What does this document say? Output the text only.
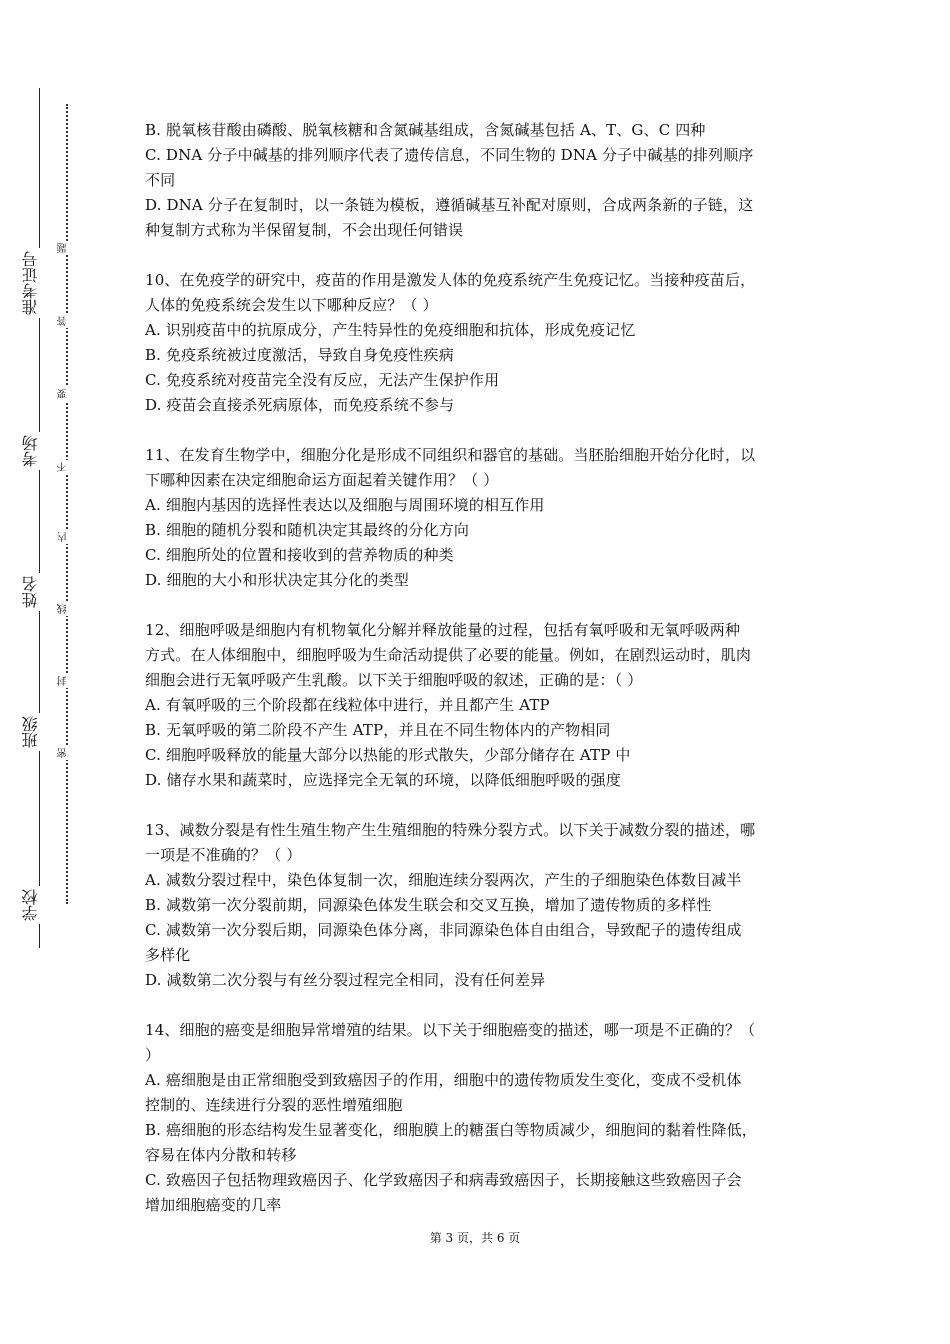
准考证号
考场
姓名
班级
学校
题
答
要
不
内
线
封
密
B. 脱氧核苷酸由磷酸、脱氧核糖和含氮碱基组成，含氮碱基包括 A、T、G、C 四种
C. DNA 分子中碱基的排列顺序代表了遗传信息，不同生物的 DNA 分子中碱基的排列顺序
不同
D. DNA 分子在复制时，以一条链为模板，遵循碱基互补配对原则，合成两条新的子链，这
种复制方式称为半保留复制，不会出现任何错误
10、在免疫学的研究中，疫苗的作用是激发人体的免疫系统产生免疫记忆。当接种疫苗后，
人体的免疫系统会发生以下哪种反应？（ ）
A. 识别疫苗中的抗原成分，产生特异性的免疫细胞和抗体，形成免疫记忆
B. 免疫系统被过度激活，导致自身免疫性疾病
C. 免疫系统对疫苗完全没有反应，无法产生保护作用
D. 疫苗会直接杀死病原体，而免疫系统不参与
11、在发育生物学中，细胞分化是形成不同组织和器官的基础。当胚胎细胞开始分化时，以
下哪种因素在决定细胞命运方面起着关键作用？（ ）
A. 细胞内基因的选择性表达以及细胞与周围环境的相互作用
B. 细胞的随机分裂和随机决定其最终的分化方向
C. 细胞所处的位置和接收到的营养物质的种类
D. 细胞的大小和形状决定其分化的类型
12、细胞呼吸是细胞内有机物氧化分解并释放能量的过程，包括有氧呼吸和无氧呼吸两种
方式。在人体细胞中，细胞呼吸为生命活动提供了必要的能量。例如，在剧烈运动时，肌肉
细胞会进行无氧呼吸产生乳酸。以下关于细胞呼吸的叙述，正确的是：（ ）
A. 有氧呼吸的三个阶段都在线粒体中进行，并且都产生 ATP
B. 无氧呼吸的第二阶段不产生 ATP，并且在不同生物体内的产物相同
C. 细胞呼吸释放的能量大部分以热能的形式散失，少部分储存在 ATP 中
D. 储存水果和蔬菜时，应选择完全无氧的环境，以降低细胞呼吸的强度
13、减数分裂是有性生殖生物产生生殖细胞的特殊分裂方式。以下关于减数分裂的描述，哪
一项是不准确的？（ ）
A. 减数分裂过程中，染色体复制一次，细胞连续分裂两次，产生的子细胞染色体数目减半
B. 减数第一次分裂前期，同源染色体发生联会和交叉互换，增加了遗传物质的多样性
C. 减数第一次分裂后期，同源染色体分离，非同源染色体自由组合，导致配子的遗传组成
多样化
D. 减数第二次分裂与有丝分裂过程完全相同，没有任何差异
14、细胞的癌变是细胞异常增殖的结果。以下关于细胞癌变的描述，哪一项是不正确的？（
）
A. 癌细胞是由正常细胞受到致癌因子的作用，细胞中的遗传物质发生变化，变成不受机体
控制的、连续进行分裂的恶性增殖细胞
B. 癌细胞的形态结构发生显著变化，细胞膜上的糖蛋白等物质减少，细胞间的黏着性降低，
容易在体内分散和转移
C. 致癌因子包括物理致癌因子、化学致癌因子和病毒致癌因子，长期接触这些致癌因子会
增加细胞癌变的几率
第 3 页，共 6 页
